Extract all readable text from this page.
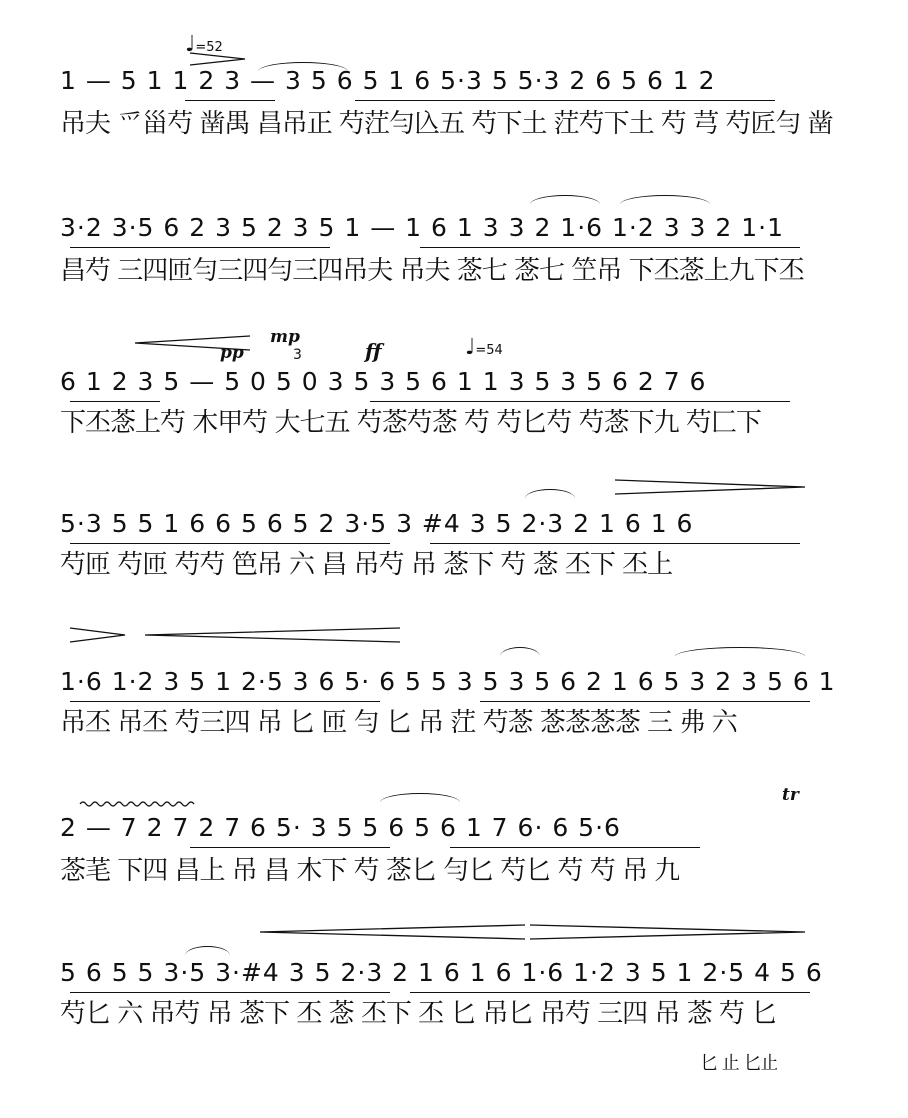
♩=52
1 — 5 1 1 2 3 — 3 5 6 5 1 6 5·3 5 5·3 2 6 5 6 1 2
吊夫 爫甾芍 凿禺 昌吊正 芍茳勻兦五 芍下土 茳芍下土 芍 芎 芍匠勻 凿
3·2 3·5 6 2 3 5 2 3 5 1 — 1 6 1 3 3 2 1·6 1·2 3 3 2 1·1
昌芍 三四匝勻三四勻三四吊夫 吊夫 菍七 菍七 笁吊 下丕菍上九下丕
pp
mp
3	ff	♩=54
6 1 2 3 5 — 5 0 5 0 3 5 3 5 6 1 1 3 5 3 5 6 2 7 6
下丕菍上芍 木甲芍 大七五 芍菍芍菍 芍 芍匕芍 芍菍下九 芍匚下
5·3 5 5 1 6 6 5 6 5 2 3·5 3 #4 3 5 2·3 2 1 6 1 6
芍匝 芍匝 芍芍 笆吊 六 昌 吊芍 吊 菍下 芍 菍 丕下 丕上
1·6 1·2 3 5 1 2·5 3 6 5· 6 5 5 3 5 3 5 6 2 1 6 5 3 2 3 5 6 1
吊丕 吊丕 芍三四 吊 匕 匝 勻 匕 吊 茳 芍菍 菍菍菍菍 三 弗 六
tr
2 — 7 2 7 2 7 6 5· 3 5 5 6 5 6 1 7 6· 6 5·6
菍芼 下四 昌上 吊 昌 木下 芍 菍匕 勻匕 芍匕 芍 芍 吊 九
5 6 5 5 3·5 3·#4 3 5 2·3 2 1 6 1 6 1·6 1·2 3 5 1 2·5 4 5 6
芍匕 六 吊芍 吊 菍下 丕 菍 丕下 丕 匕 吊匕 吊芍 三四 吊 菍 芍 匕
匕 止 匕止
